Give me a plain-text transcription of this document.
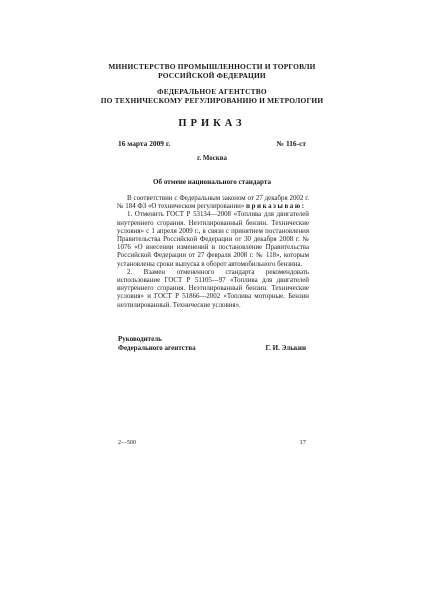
МИНИСТЕРСТВО ПРОМЫШЛЕННОСТИ И ТОРГОВЛИ
РОССИЙСКОЙ ФЕДЕРАЦИИ
ФЕДЕРАЛЬНОЕ АГЕНТСТВО
ПО ТЕХНИЧЕСКОМУ РЕГУЛИРОВАНИЮ И МЕТРОЛОГИИ
ПРИКАЗ
16 марта 2009 г.	№ 116-ст
г. Москва
Об отмене национального стандарта

В соответствии с Федеральным законом от 27 декабря 2002 г. № 184 ФЗ «О техническом регулировании» приказываю:

1. Отменить ГОСТ Р 53134—2008 «Топлива для двигателей внутреннего сгорания. Неэтилированный бензин. Технические условия» с 1 апреля 2009 г., в связи с принятием постановления Правительства Российской Федерации от 30 декабря 2008 г. № 1076 «О внесении изменений в постановление Правительства Российской Федерации от 27 февраля 2008 г. № 118», которым установлены сроки выпуска в оборот автомобильного бензина.

2. Взамен отмененного стандарта рекомендовать использование ГОСТ Р 51105—97 «Топлива для двигателей внутреннего сгорания. Неэтилированный бензин. Технические условия» и ГОСТ Р 51866—2002 «Топлива моторные. Бензин неэтилированный. Технические условия».

Руководитель
Федерального агентства	Г. И. Элькин
2—500	17
